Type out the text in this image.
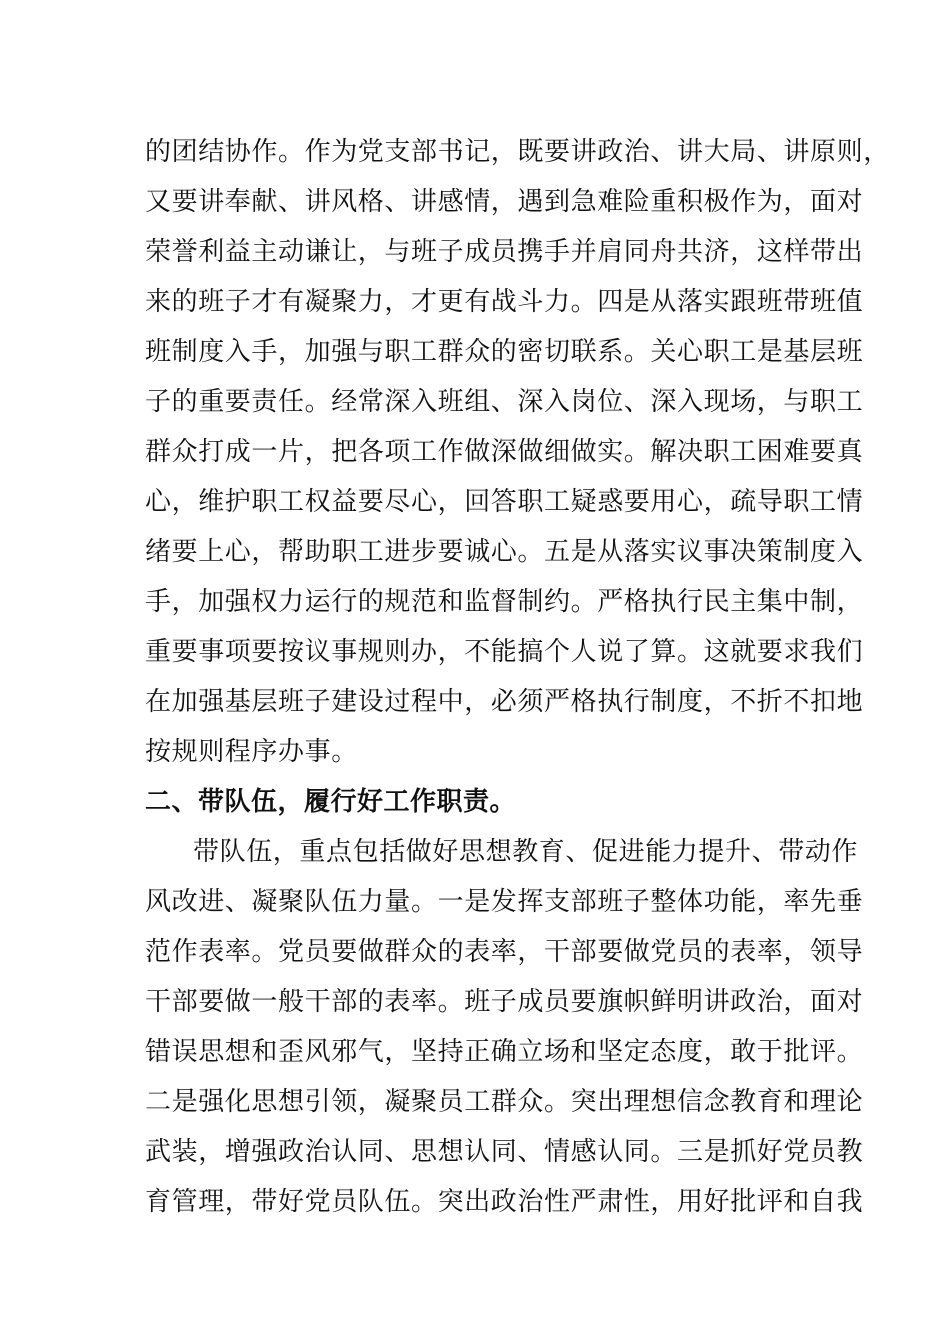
的团结协作。作为党支部书记，既要讲政治、讲大局、讲原则，
又要讲奉献、讲风格、讲感情，遇到急难险重积极作为，面对
荣誉利益主动谦让，与班子成员携手并肩同舟共济，这样带出
来的班子才有凝聚力，才更有战斗力。四是从落实跟班带班值
班制度入手，加强与职工群众的密切联系。关心职工是基层班
子的重要责任。经常深入班组、深入岗位、深入现场，与职工
群众打成一片，把各项工作做深做细做实。解决职工困难要真
心，维护职工权益要尽心，回答职工疑惑要用心，疏导职工情
绪要上心，帮助职工进步要诚心。五是从落实议事决策制度入
手，加强权力运行的规范和监督制约。严格执行民主集中制，
重要事项要按议事规则办，不能搞个人说了算。这就要求我们
在加强基层班子建设过程中，必须严格执行制度，不折不扣地
按规则程序办事。
二、带队伍，履行好工作职责。
带队伍，重点包括做好思想教育、促进能力提升、带动作
风改进、凝聚队伍力量。一是发挥支部班子整体功能，率先垂
范作表率。党员要做群众的表率，干部要做党员的表率，领导
干部要做一般干部的表率。班子成员要旗帜鲜明讲政治，面对
错误思想和歪风邪气，坚持正确立场和坚定态度，敢于批评。
二是强化思想引领，凝聚员工群众。突出理想信念教育和理论
武装，增强政治认同、思想认同、情感认同。三是抓好党员教
育管理，带好党员队伍。突出政治性严肃性，用好批评和自我
